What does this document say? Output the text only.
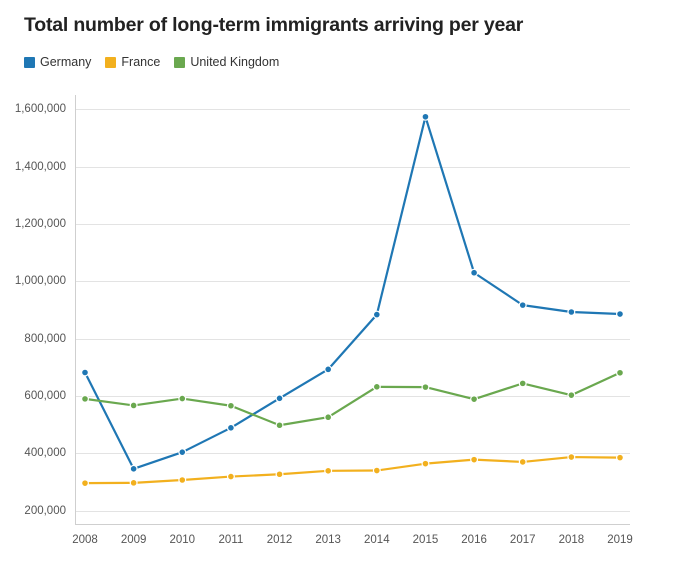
Total number of long-term immigrants arriving per year
Germany France United Kingdom
200,000
400,000
600,000
800,000
1,000,000
1,200,000
1,400,000
1,600,000
2008 2009 2010 2011 2012 2013 2014 2015 2016 2017 2018 2019
